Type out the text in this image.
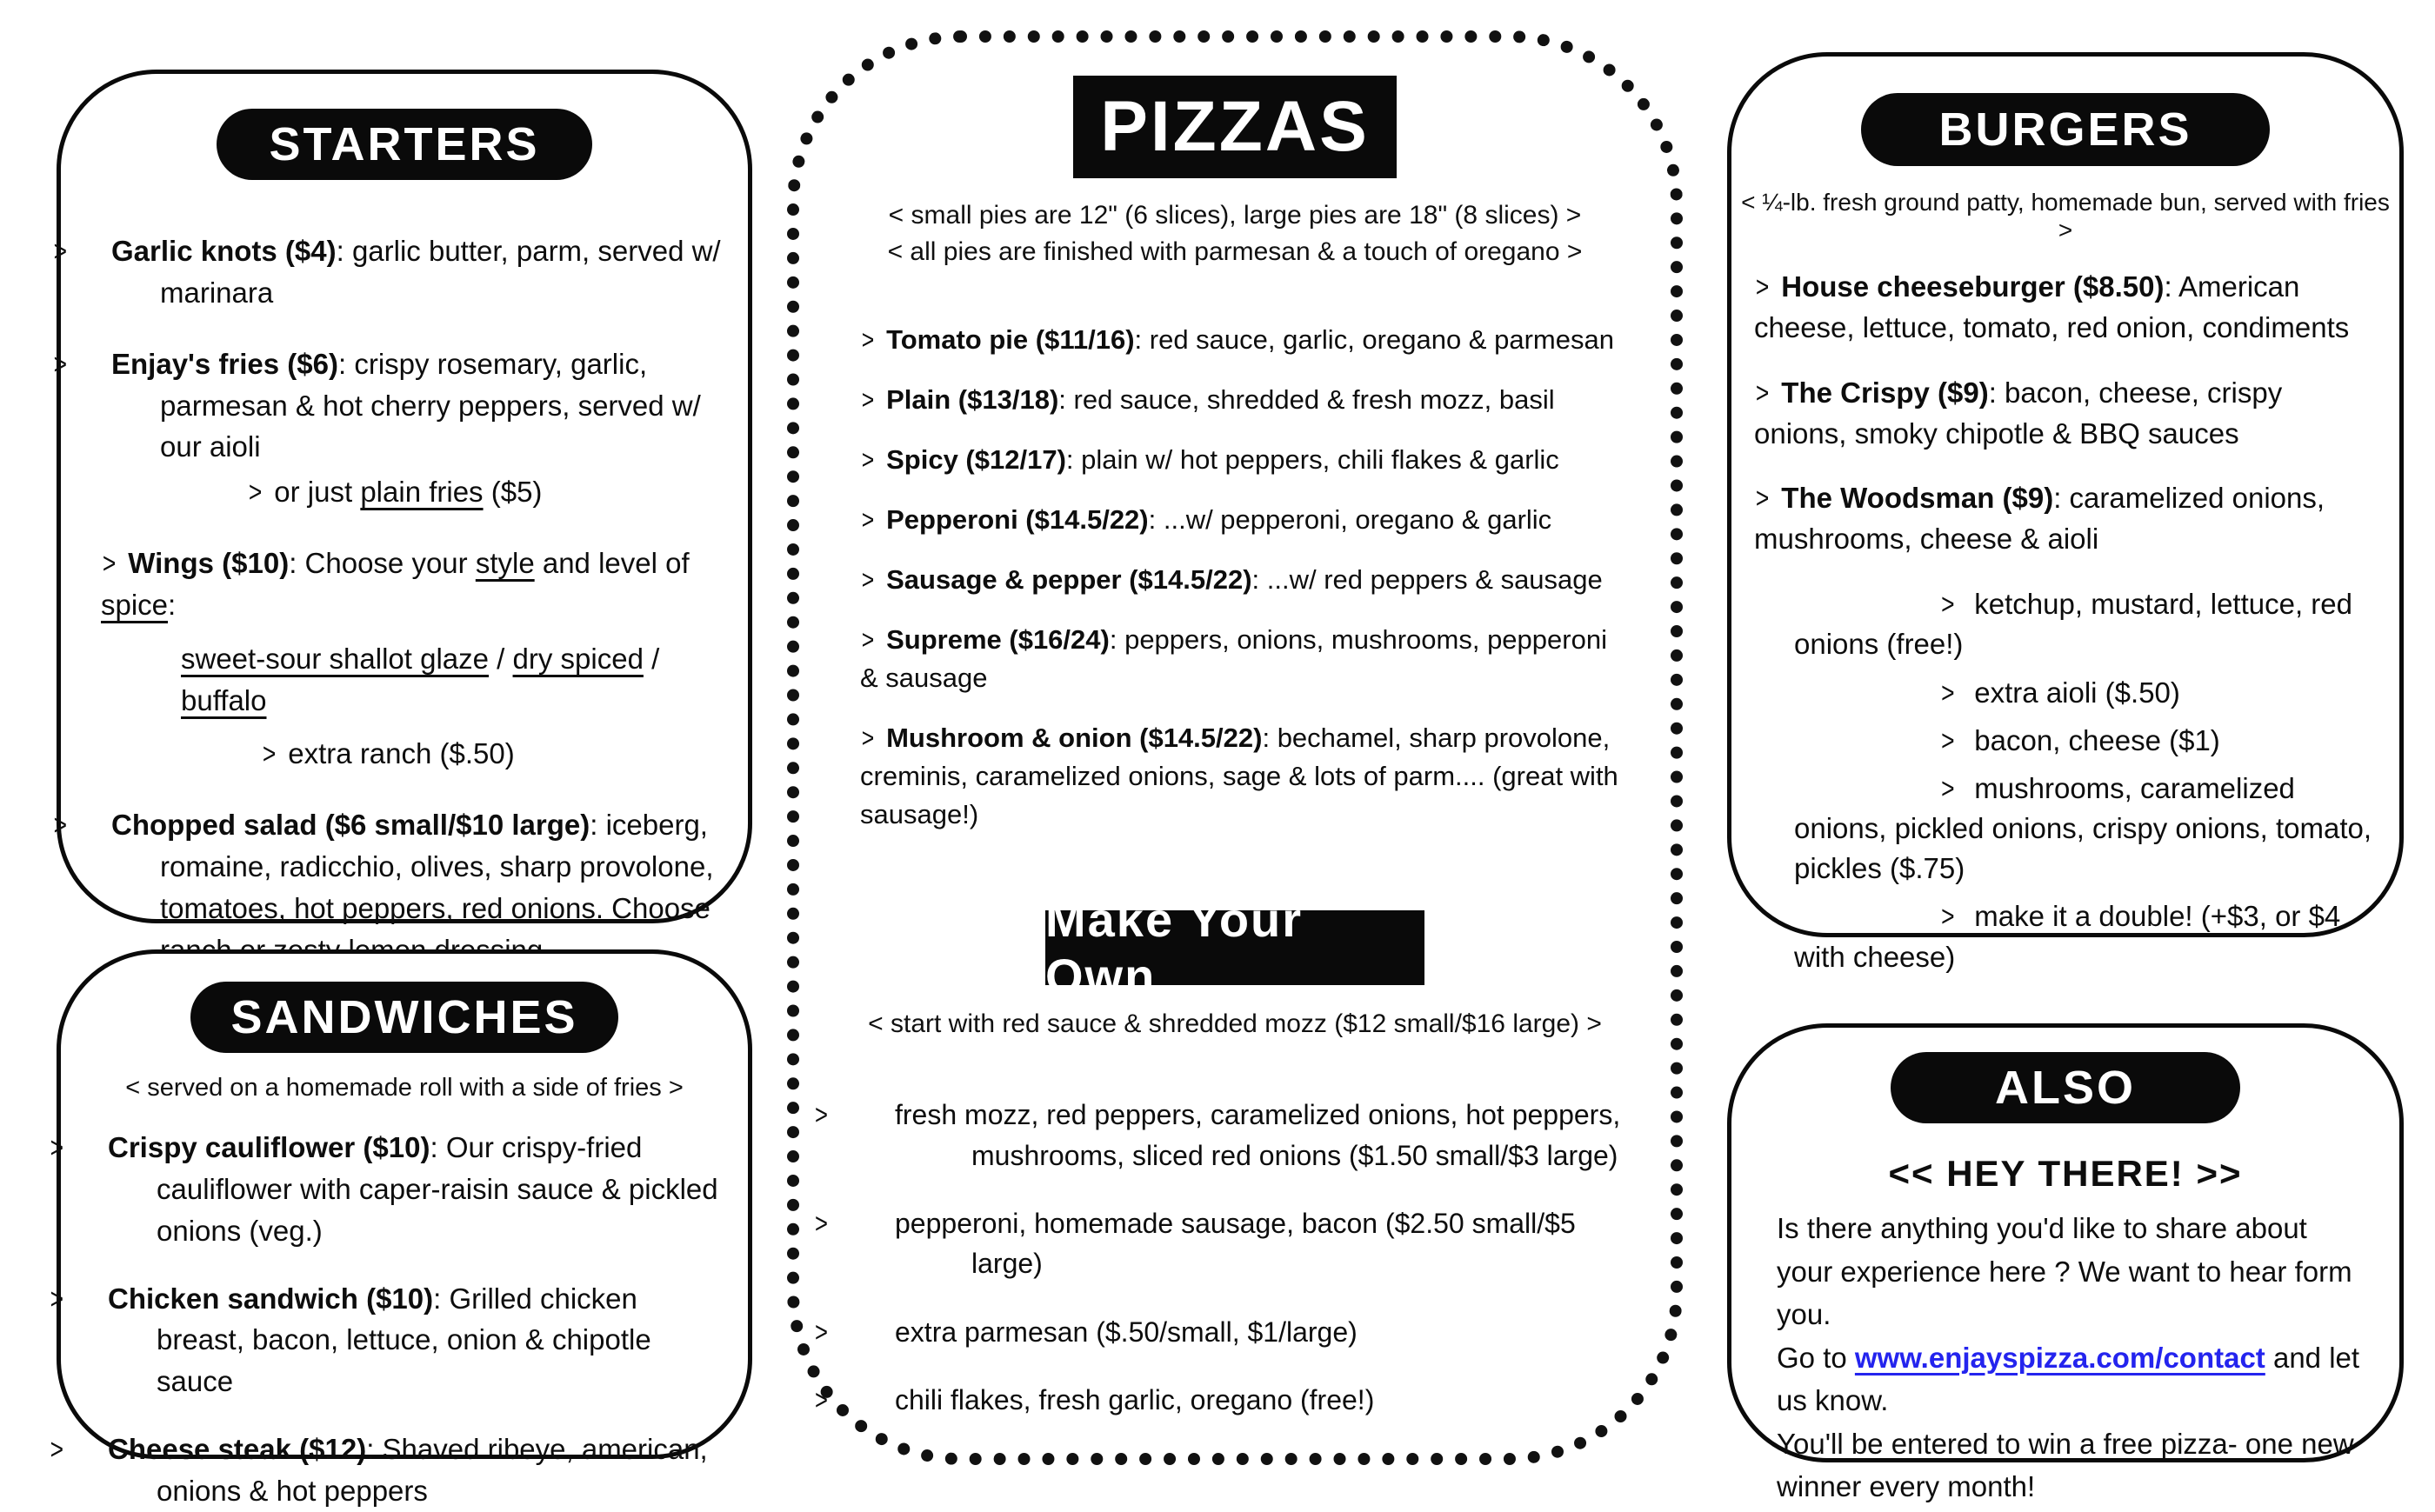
STARTERS
> Garlic knots ($4): garlic butter, parm, served w/ marinara
> Enjay's fries ($6): crispy rosemary, garlic, parmesan & hot cherry peppers, served w/ our aioli
> or just plain fries ($5)
> Wings ($10): Choose your style and level of spice:
sweet-sour shallot glaze / dry spiced / buffalo
> extra ranch ($.50)
> Chopped salad ($6 small/$10 large): iceberg, romaine, radicchio, olives, sharp provolone, tomatoes, hot peppers, red onions. Choose
SANDWICHES
< served on a homemade roll with a side of fries >
> Crispy cauliflower ($10): Our crispy-fried cauliflower with caper-raisin sauce & pickled onions (veg.)
> Chicken sandwich ($10): Grilled chicken breast, bacon, lettuce, onion & chipotle sauce
> Cheese steak ($12): Shaved ribeye, american, onions & hot peppers
PIZZAS
< small pies are 12" (6 slices), large pies are 18" (8 slices) >
< all pies are finished with parmesan & a touch of oregano >
> Tomato pie ($11/16): red sauce, garlic, oregano & parmesan
> Plain ($13/18): red sauce, shredded & fresh mozz, basil
> Spicy ($12/17): plain w/ hot peppers, chili flakes & garlic
> Pepperoni ($14.5/22): ...w/ pepperoni, oregano & garlic
> Sausage & pepper ($14.5/22): ...w/ red peppers & sausage
> Supreme ($16/24): peppers, onions, mushrooms, pepperoni & sausage
> Mushroom & onion ($14.5/22): bechamel, sharp provolone, creminis, caramelized onions, sage & lots of parm.... (great with sausage!)
Make Your Own
< start with red sauce & shredded mozz ($12 small/$16 large) >
> fresh mozz, red peppers, caramelized onions, hot peppers, mushrooms, sliced red onions ($1.50 small/$3 large)
> pepperoni, homemade sausage, bacon ($2.50 small/$5 large)
> extra parmesan ($.50/small, $1/large)
> chili flakes, fresh garlic, oregano (free!)
BURGERS
< ¼-lb. fresh ground patty, homemade bun, served with fries >
> House cheeseburger ($8.50): American cheese, lettuce, tomato, red onion, condiments
> The Crispy ($9): bacon, cheese, crispy onions, smoky chipotle & BBQ sauces
> The Woodsman ($9): caramelized onions, mushrooms, cheese & aioli
> ketchup, mustard, lettuce, red onions (free!)
> extra aioli ($.50)
> bacon, cheese ($1)
> mushrooms, caramelized onions, pickled onions, crispy onions, tomato, pickles ($.75)
> make it a double! (+$3, or $4 with cheese)
ALSO
<< HEY THERE! >>
Is there anything you'd like to share about your experience here ? We want to hear form you.
Go to www.enjayspizza.com/contact and let us know.
You'll be entered to win a free pizza- one new winner every month!
